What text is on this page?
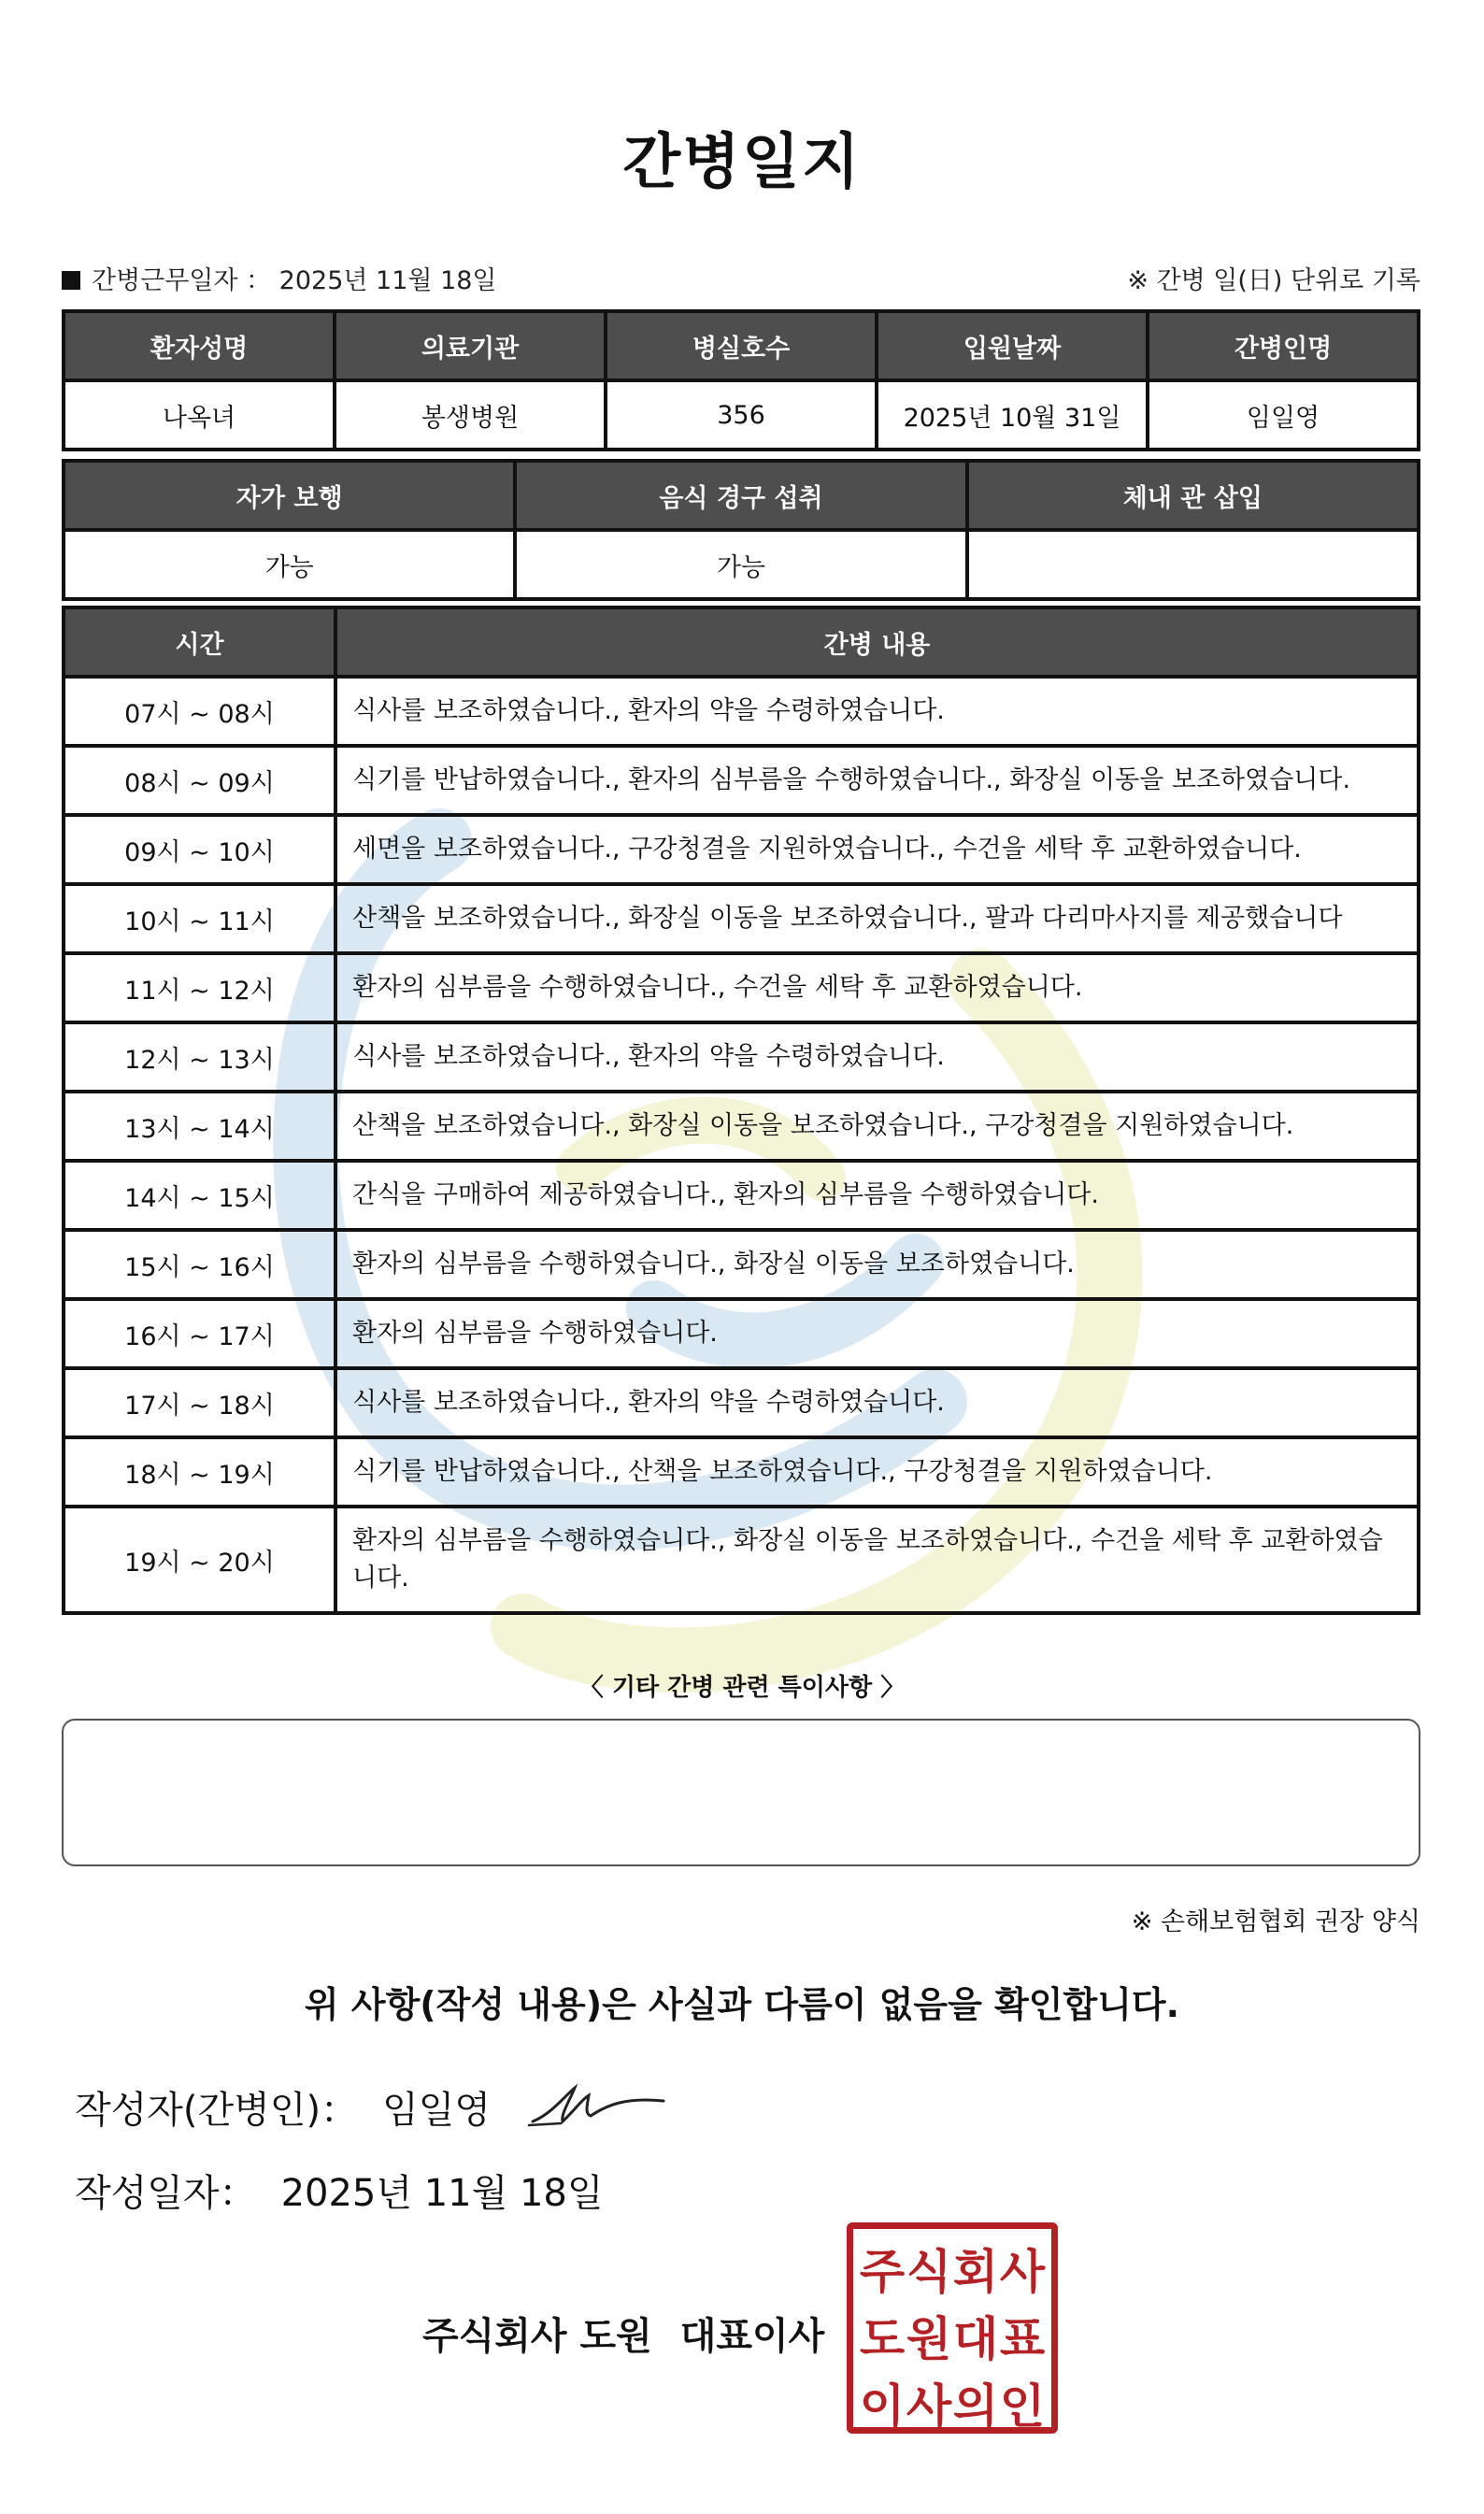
간병일지
간병근무일자 ： 2025년 11월 18일	※ 간병 일(日) 단위로 기록
환자성명	의료기관	병실호수	입원날짜	간병인명
나옥녀	봉생병원	356	2025년 10월 31일	임일영
자가 보행	음식 경구 섭취	체내 관 삽입
가능	가능	
시간	간병 내용
07시 ~ 08시	식사를 보조하였습니다., 환자의 약을 수령하였습니다.
08시 ~ 09시	식기를 반납하였습니다., 환자의 심부름을 수행하였습니다., 화장실 이동을 보조하였습니다.
09시 ~ 10시	세면을 보조하였습니다., 구강청결을 지원하였습니다., 수건을 세탁 후 교환하였습니다.
10시 ~ 11시	산책을 보조하였습니다., 화장실 이동을 보조하였습니다., 팔과 다리마사지를 제공했습니다
11시 ~ 12시	환자의 심부름을 수행하였습니다., 수건을 세탁 후 교환하였습니다.
12시 ~ 13시	식사를 보조하였습니다., 환자의 약을 수령하였습니다.
13시 ~ 14시	산책을 보조하였습니다., 화장실 이동을 보조하였습니다., 구강청결을 지원하였습니다.
14시 ~ 15시	간식을 구매하여 제공하였습니다., 환자의 심부름을 수행하였습니다.
15시 ~ 16시	환자의 심부름을 수행하였습니다., 화장실 이동을 보조하였습니다.
16시 ~ 17시	환자의 심부름을 수행하였습니다.
17시 ~ 18시	식사를 보조하였습니다., 환자의 약을 수령하였습니다.
18시 ~ 19시	식기를 반납하였습니다., 산책을 보조하였습니다., 구강청결을 지원하였습니다.
19시 ~ 20시	환자의 심부름을 수행하였습니다., 화장실 이동을 보조하였습니다., 수건을 세탁 후 교환하였습니다.
〈 기타 간병 관련 특이사항 〉
※ 손해보험협회 권장 양식
위 사항(작성 내용)은 사실과 다름이 없음을 확인합니다.
작성자(간병인)： 임일영
작성일자： 2025년 11월 18일
주식회사 도원 대표이사
주 식 회 사
도 원 대 표
이 사 의 인
